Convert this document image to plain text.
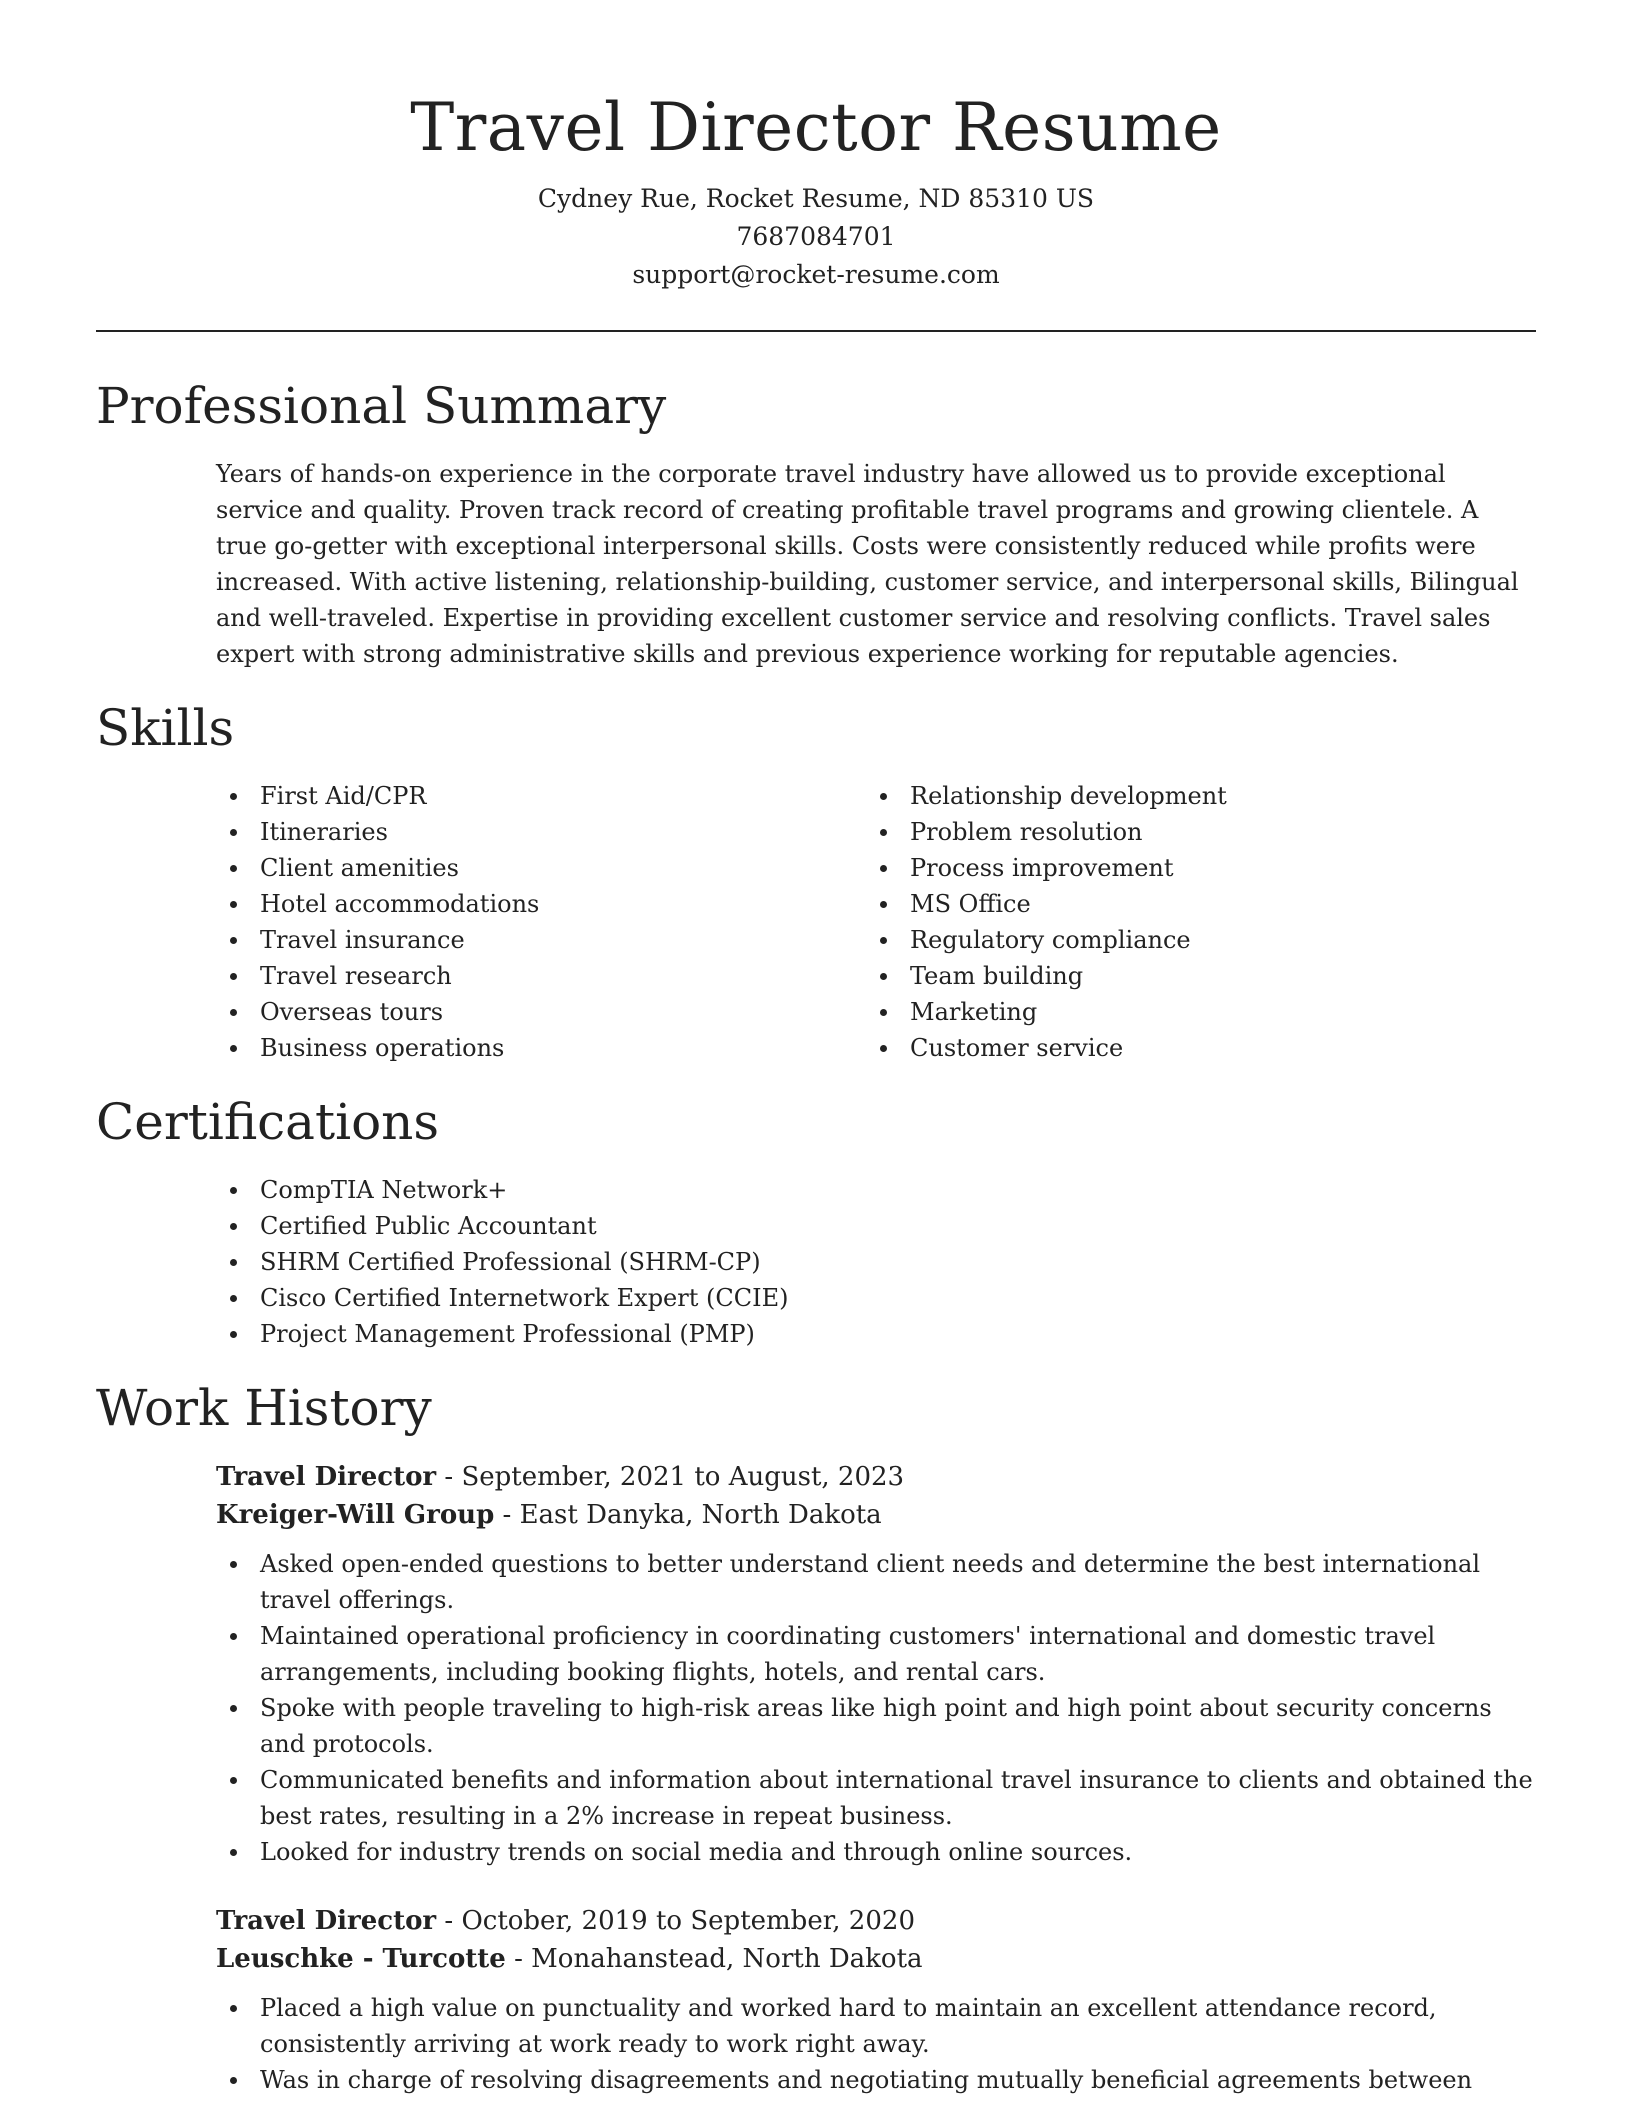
Travel Director Resume
Cydney Rue, Rocket Resume, ND 85310 US
7687084701
support@rocket-resume.com
Professional Summary

Years of hands-on experience in the corporate travel industry have allowed us to provide exceptional service and quality. Proven track record of creating profitable travel programs and growing clientele. A true go-getter with exceptional interpersonal skills. Costs were consistently reduced while profits were increased. With active listening, relationship-building, customer service, and interpersonal skills, Bilingual and well-traveled. Expertise in providing excellent customer service and resolving conflicts. Travel sales expert with strong administrative skills and previous experience working for reputable agencies.

Skills
First Aid/CPR
Itineraries
Client amenities
Hotel accommodations
Travel insurance
Travel research
Overseas tours
Business operations
Relationship development
Problem resolution
Process improvement
MS Office
Regulatory compliance
Team building
Marketing
Customer service
Certifications
CompTIA Network+
Certified Public Accountant
SHRM Certified Professional (SHRM-CP)
Cisco Certified Internetwork Expert (CCIE)
Project Management Professional (PMP)
Work History
Travel Director - September, 2021 to August, 2023
Kreiger-Will Group - East Danyka, North Dakota
Asked open-ended questions to better understand client needs and determine the best international travel offerings.
Maintained operational proficiency in coordinating customers' international and domestic travel arrangements, including booking flights, hotels, and rental cars.
Spoke with people traveling to high-risk areas like high point and high point about security concerns and protocols.
Communicated benefits and information about international travel insurance to clients and obtained the best rates, resulting in a 2% increase in repeat business.
Looked for industry trends on social media and through online sources.
Travel Director - October, 2019 to September, 2020
Leuschke - Turcotte - Monahanstead, North Dakota
Placed a high value on punctuality and worked hard to maintain an excellent attendance record, consistently arriving at work ready to work right away.
Was in charge of resolving disagreements and negotiating mutually beneficial agreements between
